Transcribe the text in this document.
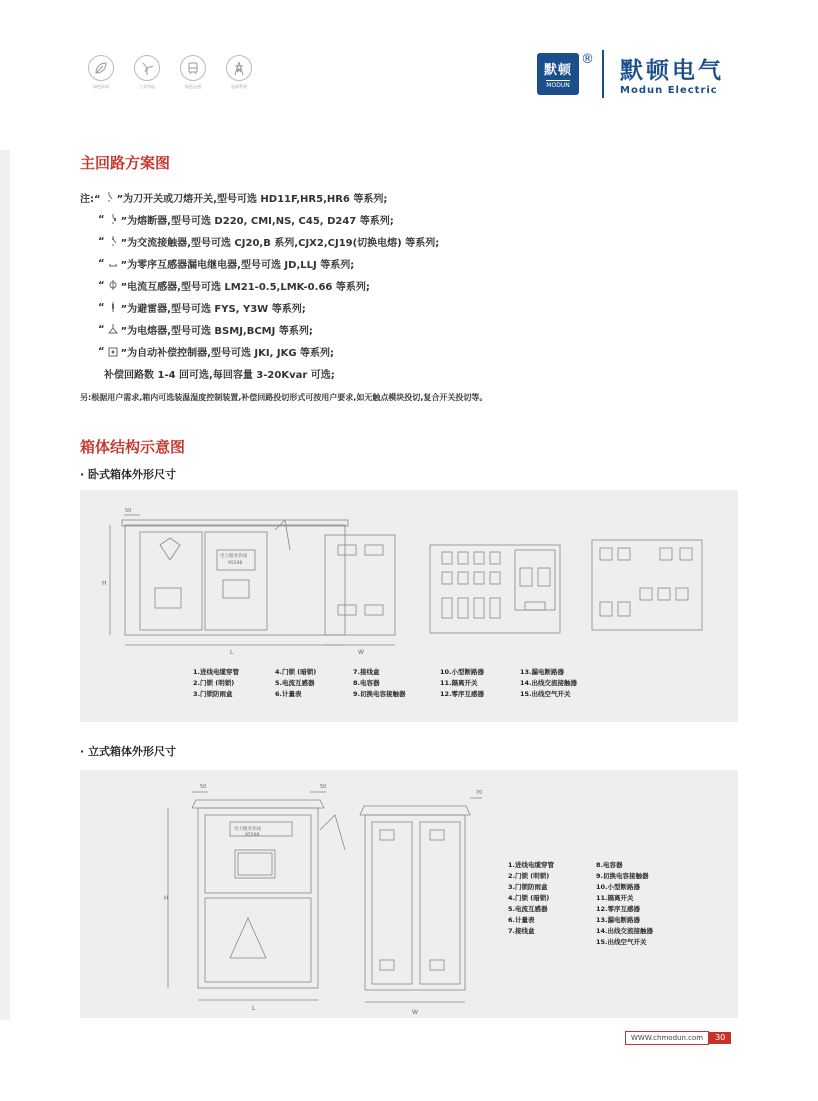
绿色环保	工业用电	轨道交通	电网系统
默顿
MODUN
® 默顿电气
Modun Electric
主回路方案图
注:“ ”为刀开关或刀熔开关,型号可选 HD11F,HR5,HR6 等系列;
“ ”为熔断器,型号可选 D220, CMI,NS, C45, D247 等系列;
“ ”为交流接触器,型号可选 CJ20,B 系列,CJX2,CJ19(切换电熔) 等系列;
“ ”为零序互感器漏电继电器,型号可选 JD,LLJ 等系列;
“ ”电流互感器,型号可选 LM21-0.5,LMK-0.66 等系列;
“ ”为避雷器,型号可选 FYS, Y3W 等系列;
“ ”为电熔器,型号可选 BSMJ,BCMJ 等系列;
“ ”为自动补偿控制器,型号可选 JKI, JKG 等系列;
补偿回路数 1-4 回可选,每回容量 3-20Kvar 可选;
另:根据用户需求,箱内可选装温湿度控制装置,补偿回路投切形式可按用户要求,如无触点模块投切,复合开关投切等。
箱体结构示意图
· 卧式箱体外形尺寸
L	W
H
50
电力服务热线
95598
1.进线电缆穿管
2.门锁 (明锁)
3.门锁防雨盒
4.门锁 (暗锁)
5.电流互感器
6.计量表
7.接线盒
8.电容器
9.切换电容接触器
10.小型断路器
11.隔离开关
12.零序互感器
13.漏电断路器
14.出线交流接触器
15.出线空气开关
· 立式箱体外形尺寸
L
W
H
50	50
70
电力服务热线
95598
1.进线电缆穿管
2.门锁 (明锁)
3.门锁防雨盒
4.门锁 (暗锁)
5.电流互感器
6.计量表
7.接线盒
8.电容器
9.切换电容接触器
10.小型断路器
11.隔离开关
12.零序互感器
13.漏电断路器
14.出线交流接触器
15.出线空气开关
WWW.chmodun.com	30
